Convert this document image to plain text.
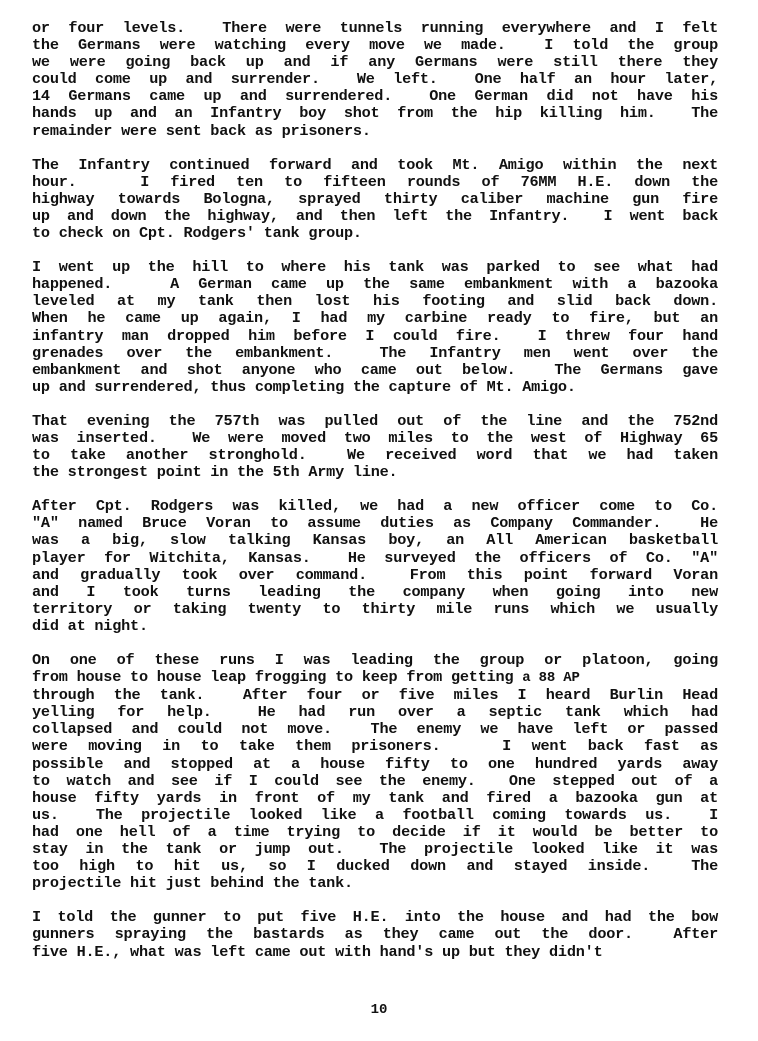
or four levels.  There were tunnels running everywhere and I felt
the Germans were watching every move we made.  I told the group
we were going back up and if any Germans were still there they
could come up and surrender.  We left.  One half an hour later,
14 Germans came up and surrendered.  One German did not have his
hands up and an Infantry boy shot from the hip killing him.  The
remainder were sent back as prisoners.
The Infantry continued forward and took Mt. Amigo within the next
hour.   I fired ten to fifteen rounds of 76MM H.E. down the
highway towards Bologna, sprayed thirty caliber machine gun fire
up and down the highway, and then left the Infantry.  I went back
to check on Cpt. Rodgers' tank group.
I went up the hill to where his tank was parked to see what had
happened.   A German came up the same embankment with a bazooka
leveled at my tank then lost his footing and slid back down.
When he came up again, I had my carbine ready to fire, but an
infantry man dropped him before I could fire.  I threw four hand
grenades over the embankment.  The Infantry men went over the
embankment and shot anyone who came out below.  The Germans gave
up and surrendered, thus completing the capture of Mt. Amigo.
That evening the 757th was pulled out of the line and the 752nd
was inserted.  We were moved two miles to the west of Highway 65
to take another stronghold.  We received word that we had taken
the strongest point in the 5th Army line.
After Cpt. Rodgers was killed, we had a new officer come to Co.
"A" named Bruce Voran to assume duties as Company Commander.  He
was a big, slow talking Kansas boy, an All American basketball
player for Witchita, Kansas.  He surveyed the officers of Co. "A"
and gradually took over command.  From this point forward Voran
and I took turns leading the company when going into new
territory or taking twenty to thirty mile runs which we usually
did at night.
On one of these runs I was leading the group or platoon, going
from house to house leap frogging to keep from getting a 88 AP
through the tank.  After four or five miles I heard Burlin Head
yelling for help.  He had run over a septic tank which had
collapsed and could not move.  The enemy we have left or passed
were moving in to take them prisoners.   I went back fast as
possible and stopped at a house fifty to one hundred yards away
to watch and see if I could see the enemy.  One stepped out of a
house fifty yards in front of my tank and fired a bazooka gun at
us.  The projectile looked like a football coming towards us.  I
had one hell of a time trying to decide if it would be better to
stay in the tank or jump out.  The projectile looked like it was
too high to hit us, so I ducked down and stayed inside.  The
projectile hit just behind the tank.
I told the gunner to put five H.E. into the house and had the bow
gunners spraying the bastards as they came out the door.  After
five H.E., what was left came out with hand's up but they didn't
10
